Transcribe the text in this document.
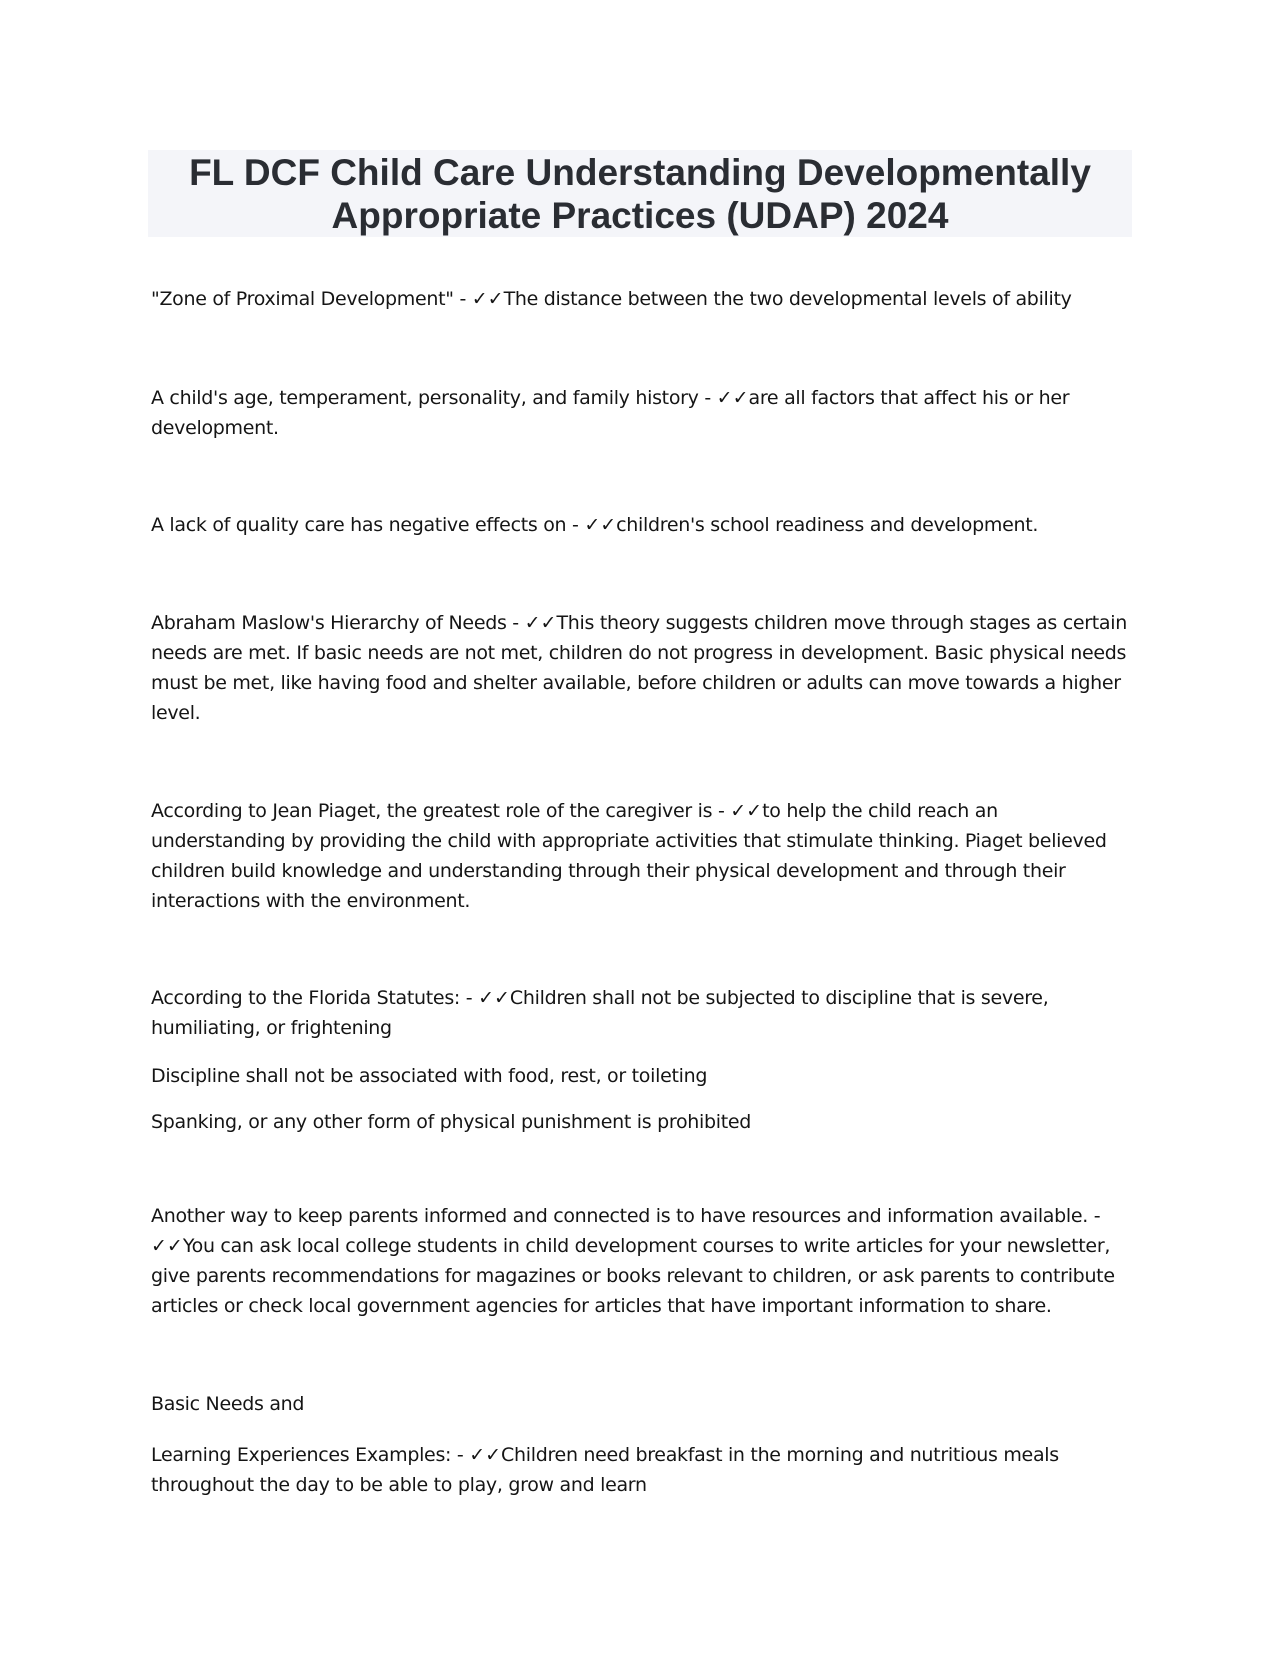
FL DCF Child Care Understanding Developmentally
Appropriate Practices (UDAP) 2024

"Zone of Proximal Development" - ✓✓The distance between the two developmental levels of ability

A child's age, temperament, personality, and family history - ✓✓are all factors that affect his or her development.

A lack of quality care has negative effects on - ✓✓children's school readiness and development.

Abraham Maslow's Hierarchy of Needs - ✓✓This theory suggests children move through stages as certain needs are met. If basic needs are not met, children do not progress in development. Basic physical needs must be met, like having food and shelter available, before children or adults can move towards a higher level.

According to Jean Piaget, the greatest role of the caregiver is - ✓✓to help the child reach an understanding by providing the child with appropriate activities that stimulate thinking. Piaget believed children build knowledge and understanding through their physical development and through their interactions with the environment.

According to the Florida Statutes: - ✓✓Children shall not be subjected to discipline that is severe, humiliating, or frightening

Discipline shall not be associated with food, rest, or toileting

Spanking, or any other form of physical punishment is prohibited

Another way to keep parents informed and connected is to have resources and information available. - ✓✓You can ask local college students in child development courses to write articles for your newsletter, give parents recommendations for magazines or books relevant to children, or ask parents to contribute articles or check local government agencies for articles that have important information to share.

Basic Needs and

Learning Experiences Examples: - ✓✓Children need breakfast in the morning and nutritious meals throughout the day to be able to play, grow and learn
